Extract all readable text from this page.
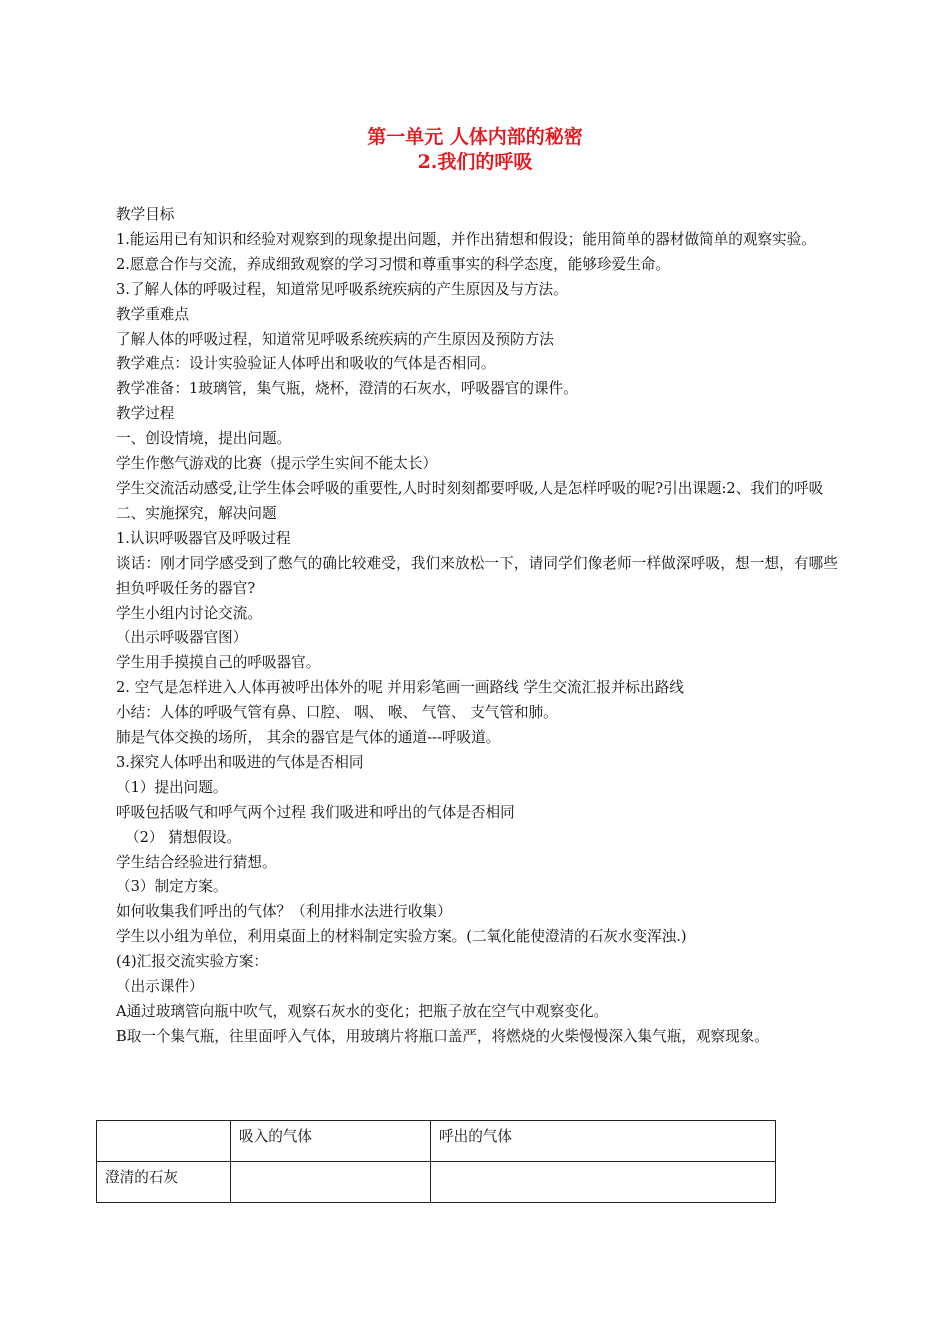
第一单元 人体内部的秘密
2.我们的呼吸

教学目标

1.能运用已有知识和经验对观察到的现象提出问题，并作出猜想和假设；能用简单的器材做简单的观察实验。

2.愿意合作与交流，养成细致观察的学习习惯和尊重事实的科学态度，能够珍爱生命。

3.了解人体的呼吸过程，知道常见呼吸系统疾病的产生原因及与方法。

教学重难点

了解人体的呼吸过程，知道常见呼吸系统疾病的产生原因及预防方法

教学难点：设计实验验证人体呼出和吸收的气体是否相同。

教学准备：1玻璃管，集气瓶，烧杯，澄清的石灰水，呼吸器官的课件。

教学过程

一、创设情境，提出问题。

学生作憋气游戏的比赛（提示学生实间不能太长）

学生交流活动感受,让学生体会呼吸的重要性,人时时刻刻都要呼吸,人是怎样呼吸的呢?引出课题:2、我们的呼吸

二、实施探究，解决问题

1.认识呼吸器官及呼吸过程

谈话：刚才同学感受到了憋气的确比较难受，我们来放松一下，请同学们像老师一样做深呼吸，想一想，有哪些担负呼吸任务的器官?

学生小组内讨论交流。

（出示呼吸器官图）

学生用手摸摸自己的呼吸器官。

2. 空气是怎样进入人体再被呼出体外的呢 并用彩笔画一画路线 学生交流汇报并标出路线

小结：人体的呼吸气管有鼻、口腔、 咽、 喉、 气管、 支气管和肺。

肺是气体交换的场所， 其余的器官是气体的通道---呼吸道。

3.探究人体呼出和吸进的气体是否相同

（1）提出问题。

呼吸包括吸气和呼气两个过程 我们吸进和呼出的气体是否相同

（2） 猜想假设。

学生结合经验进行猜想。

（3）制定方案。

如何收集我们呼出的气体？（利用排水法进行收集）

学生以小组为单位，利用桌面上的材料制定实验方案。(二氧化能使澄清的石灰水变浑浊.)

(4)汇报交流实验方案：

（出示课件）

A通过玻璃管向瓶中吹气，观察石灰水的变化；把瓶子放在空气中观察变化。

B取一个集气瓶，往里面呼入气体，用玻璃片将瓶口盖严，将燃烧的火柴慢慢深入集气瓶，观察现象。

	吸入的气体	呼出的气体
澄清的石灰		
